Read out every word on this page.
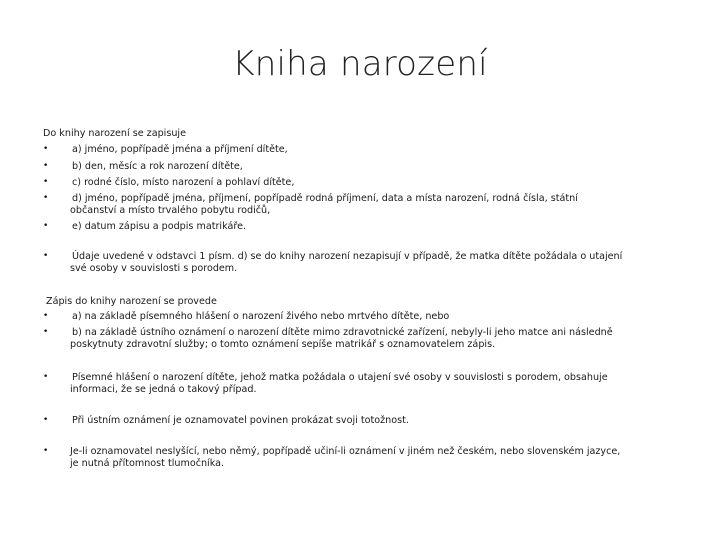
Kniha narození
Do knihy narození se zapisuje
• a) jméno, popřípadě jména a příjmení dítěte,
• b) den, měsíc a rok narození dítěte,
• c) rodné číslo, místo narození a pohlaví dítěte,
• d) jméno, popřípadě jména, příjmení, popřípadě rodná příjmení, data a místa narození, rodná čísla, státní
občanství a místo trvalého pobytu rodičů,
• e) datum zápisu a podpis matrikáře.
• Údaje uvedené v odstavci 1 písm. d) se do knihy narození nezapisují v případě, že matka dítěte požádala o utajení
své osoby v souvislosti s porodem.
Zápis do knihy narození se provede
• a) na základě písemného hlášení o narození živého nebo mrtvého dítěte, nebo
• b) na základě ústního oznámení o narození dítěte mimo zdravotnické zařízení, nebyly-li jeho matce ani následně
poskytnuty zdravotní služby; o tomto oznámení sepíše matrikář s oznamovatelem zápis.
• Písemné hlášení o narození dítěte, jehož matka požádala o utajení své osoby v souvislosti s porodem, obsahuje
informaci, že se jedná o takový případ.
• Při ústním oznámení je oznamovatel povinen prokázat svoji totožnost.
• Je-li oznamovatel neslyšící, nebo němý, popřípadě učiní-li oznámení v jiném než českém, nebo slovenském jazyce,
je nutná přítomnost tlumočníka.
